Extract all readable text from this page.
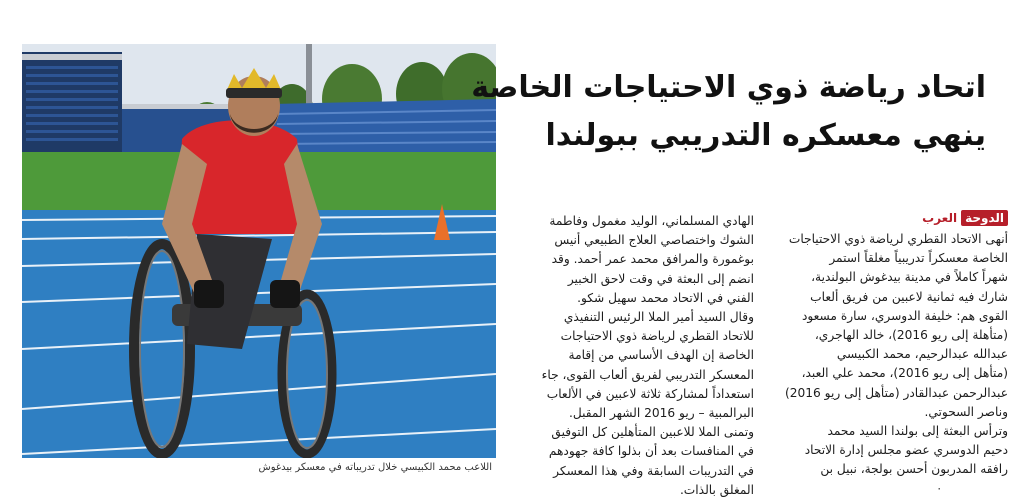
اللاعب محمد الكبيسي خلال تدريباته في معسكر بيدغوش
اتحاد رياضة ذوي الاحتياجات الخاصة
ينهي معسكره التدريبي ببولندا
الدوحة
العرب

أنهى الاتحاد القطري لرياضة ذوي الاحتياجات

الخاصة معسكراً تدريبياً مغلقاً استمر

شهراً كاملاً في مدينة بيدغوش البولندية،

شارك فيه ثمانية لاعبين من فريق ألعاب

القوى هم: خليفة الدوسري، سارة مسعود

(متأهلة إلى ريو 2016)، خالد الهاجري،

عبدالله عبدالرحيم، محمد الكبيسي

(متأهل إلى ريو 2016)، محمد علي العبد،

عبدالرحمن عبدالقادر (متأهل إلى ريو 2016)

وناصر السحوتي.

وترأس البعثة إلى بولندا السيد محمد

دحيم الدوسري عضو مجلس إدارة الاتحاد

رافقه المدربون أحسن بولجة، نبيل بن

الهادي المسلماني، الوليد مغمول وفاطمة

الشوك واختصاصي العلاج الطبيعي أنيس

بوغمورة والمرافق محمد عمر أحمد. وقد

انضم إلى البعثة في وقت لاحق الخبير

الفني في الاتحاد محمد سهيل شكو.

وقال السيد أمير الملا الرئيس التنفيذي

للاتحاد القطري لرياضة ذوي الاحتياجات

الخاصة إن الهدف الأساسي من إقامة

المعسكر التدريبي لفريق ألعاب القوى، جاء

استعداداً لمشاركة ثلاثة لاعبين في الألعاب

البرالمبية – ريو 2016 الشهر المقبل.

وتمنى الملا للاعبين المتأهلين كل التوفيق

في المنافسات بعد أن بذلوا كافة جهودهم

في التدريبات السابقة وفي هذا المعسكر

المغلق بالذات.	٠
